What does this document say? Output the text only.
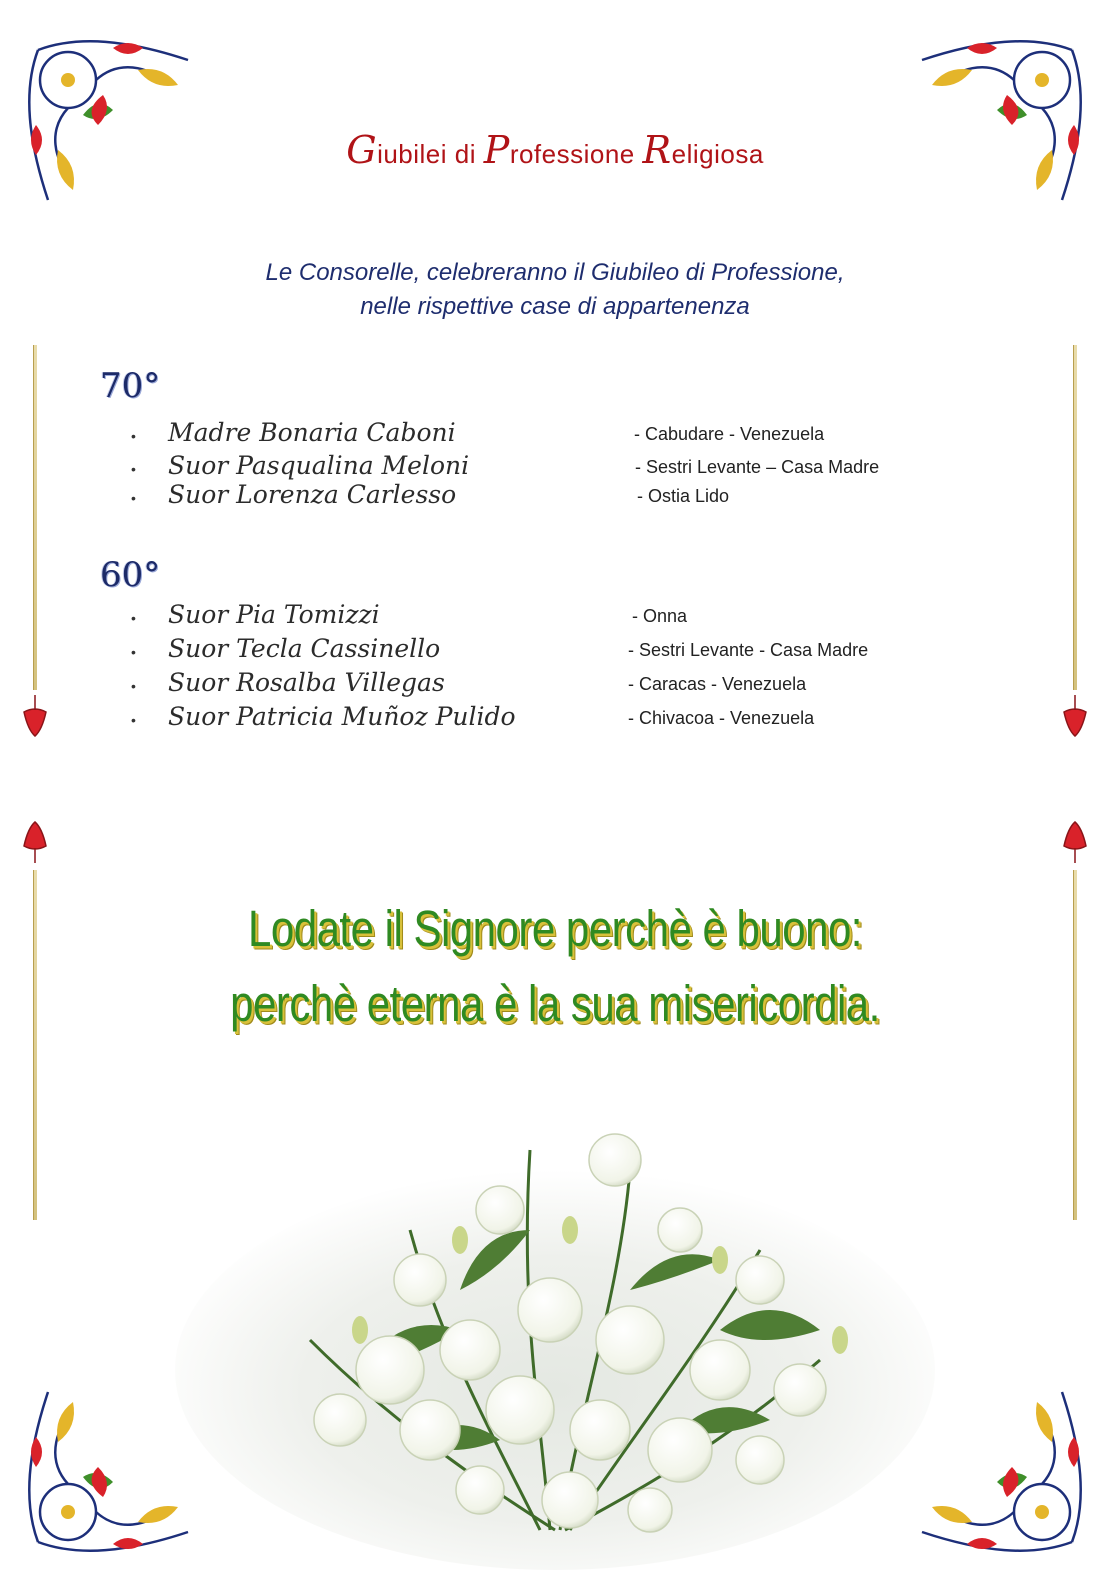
Giubilei di Professione Religiosa
Le Consorelle, celebreranno il Giubileo di Professione,
nelle rispettive case di appartenenza
70°
• Madre Bonaria Caboni	- Cabudare - Venezuela
• Suor Pasqualina Meloni	- Sestri Levante – Casa Madre
• Suor Lorenza Carlesso	- Ostia Lido
60°
• Suor Pia Tomizzi	- Onna
• Suor Tecla Cassinello	- Sestri Levante - Casa Madre
• Suor Rosalba Villegas	- Caracas - Venezuela
• Suor Patricia Muñoz Pulido	- Chivacoa - Venezuela
Lodate il Signore perchè è buono:
perchè eterna è la sua misericordia.
